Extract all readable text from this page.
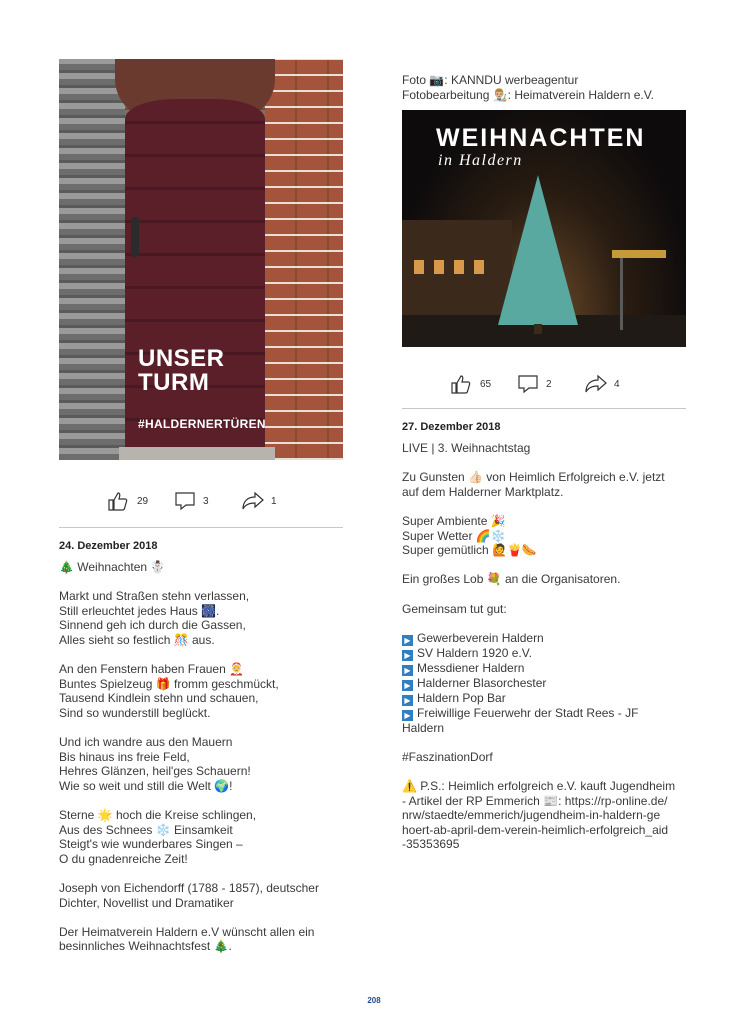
UNSER
TURM
#HALDERNERTÜREN
29	3	1
24. Dezember 2018

🎄 Weihnachten ☃️

Markt und Straßen stehn verlassen,
Still erleuchtet jedes Haus 🎆.
Sinnend geh ich durch die Gassen,
Alles sieht so festlich 🎊 aus.

An den Fenstern haben Frauen 🤶
Buntes Spielzeug 🎁 fromm geschmückt,
Tausend Kindlein stehn und schauen,
Sind so wunderstill beglückt.

Und ich wandre aus den Mauern
Bis hinaus ins freie Feld,
Hehres Glänzen, heil'ges Schauern!
Wie so weit und still die Welt 🌍!

Sterne 🌟 hoch die Kreise schlingen,
Aus des Schnees ❄️ Einsamkeit
Steigt's wie wunderbares Singen –
O du gnadenreiche Zeit!

Joseph von Eichendorff (1788 - 1857), deutscher
Dichter, Novellist und Dramatiker

Der Heimatverein Haldern e.V wünscht allen ein
besinnliches Weihnachtsfest 🎄.

Foto 📷: KANNDU werbeagentur
Fotobearbeitung 👨🏼‍🎨: Heimatverein Haldern e.V.
WEIHNACHTEN
in Haldern
65	2	4
27. Dezember 2018

LIVE | 3. Weihnachtstag

Zu Gunsten 👍🏻 von Heimlich Erfolgreich e.V. jetzt
auf dem Halderner Marktplatz.

Super Ambiente 🎉
Super Wetter 🌈❄️
Super gemütlich 🙋🍟🌭

Ein großes Lob 💐 an die Organisatoren.

Gemeinsam tut gut:

▶ Gewerbeverein Haldern
▶ SV Haldern 1920 e.V.
▶ Messdiener Haldern
▶ Halderner Blasorchester
▶ Haldern Pop Bar
▶ Freiwillige Feuerwehr der Stadt Rees - JF
Haldern

#FaszinationDorf

⚠️ P.S.: Heimlich erfolgreich e.V. kauft Jugendheim
- Artikel der RP Emmerich 📰: https://rp-online.de/
nrw/staedte/emmerich/jugendheim-in-haldern-ge
hoert-ab-april-dem-verein-heimlich-erfolgreich_aid
-35353695

208
